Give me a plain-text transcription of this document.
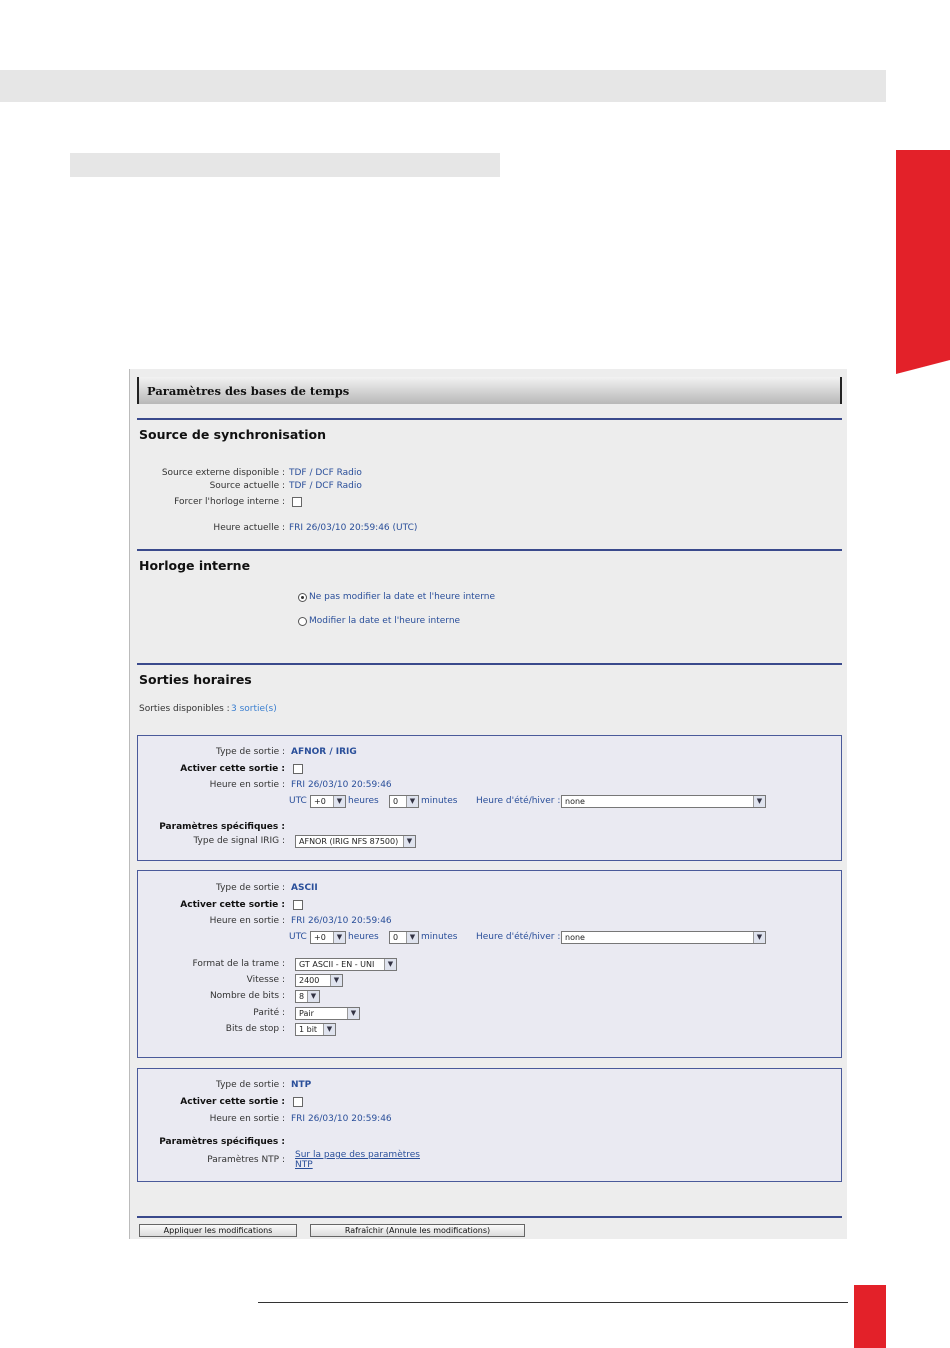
FRANCAIS
Paramètres des bases de temps
Source de synchronisation
Source externe disponible : TDF / DCF Radio
Source actuelle : TDF / DCF Radio
Forcer l'horloge interne :
Heure actuelle : FRI 26/03/10 20:59:46 (UTC)
Horloge interne
Ne pas modifier la date et l'heure interne
Modifier la date et l'heure interne
Sorties horaires
Sorties disponibles : 3 sortie(s)
Type de sortie : AFNOR / IRIG
Activer cette sortie :
Heure en sortie : FRI 26/03/10 20:59:46
UTC +0	▼ heures	0	▼ minutes Heure d'été/hiver : none	▼
Paramètres spécifiques :
Type de signal IRIG :	AFNOR (IRIG NFS 87500)	▼
Type de sortie : ASCII
Activer cette sortie :
Heure en sortie : FRI 26/03/10 20:59:46
UTC +0	▼ heures	0	▼ minutes Heure d'été/hiver : none	▼
Format de la trame :	GT ASCII - EN - UNI	▼
Vitesse :	2400	▼
Nombre de bits :	8 ▼
Parité :	Pair	▼
Bits de stop :	1 bit	▼
Type de sortie : NTP
Activer cette sortie :
Heure en sortie : FRI 26/03/10 20:59:46
Paramètres spécifiques :
Paramètres NTP : Sur la page des paramètres
NTP
Appliquer les modifications	Rafraîchir (Annule les modifications)
